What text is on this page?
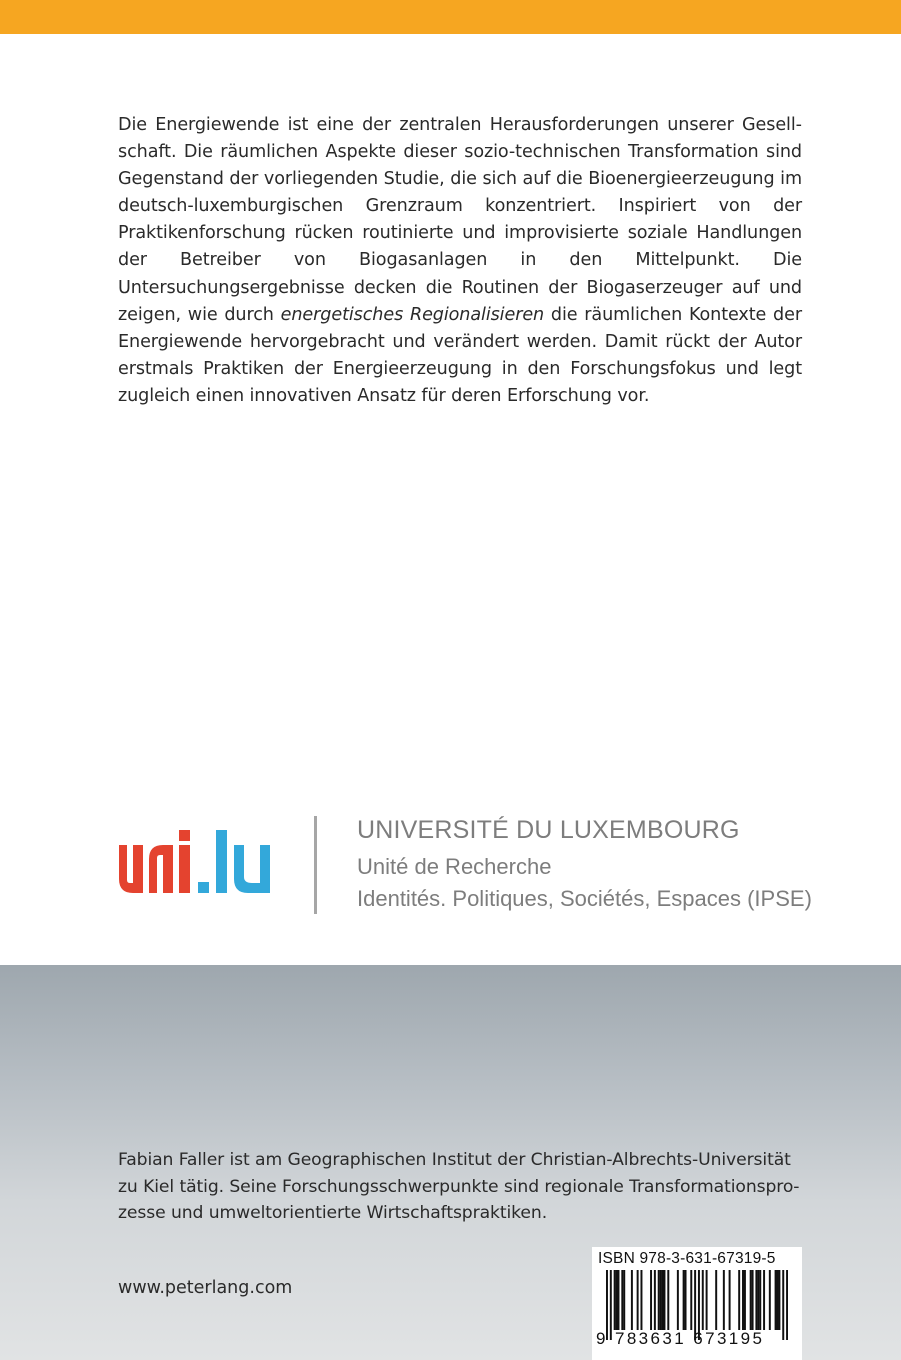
Die Energiewende ist eine der zentralen Herausforderungen unserer Gesellschaft. Die räumlichen Aspekte dieser sozio-technischen Transformation sind Gegenstand der vorliegenden Studie, die sich auf die Bioenergieerzeugung im deutsch-luxemburgischen Grenzraum konzentriert. Inspiriert von der Praktikenforschung rücken routinierte und improvisierte soziale Handlungen der Betreiber von Biogasanlagen in den Mittelpunkt. Die Untersuchungsergebnisse decken die Routinen der Biogaserzeuger auf und zeigen, wie durch energetisches Regionalisieren die räumlichen Kontexte der Energiewende hervorgebracht und verändert werden. Damit rückt der Autor erstmals Praktiken der Energieerzeugung in den Forschungsfokus und legt zugleich einen innovativen Ansatz für deren Erforschung vor.
UNIVERSITÉ DU LUXEMBOURG
Unité de Recherche
Identités. Politiques, Sociétés, Espaces (IPSE)
Fabian Faller ist am Geographischen Institut der Christian-Albrechts-Universität zu Kiel tätig. Seine Forschungsschwerpunkte sind regionale Transformationsprozesse und umweltorientierte Wirtschaftspraktiken.
www.peterlang.com
ISBN 978-3-631-67319-5
9 783631 673195
